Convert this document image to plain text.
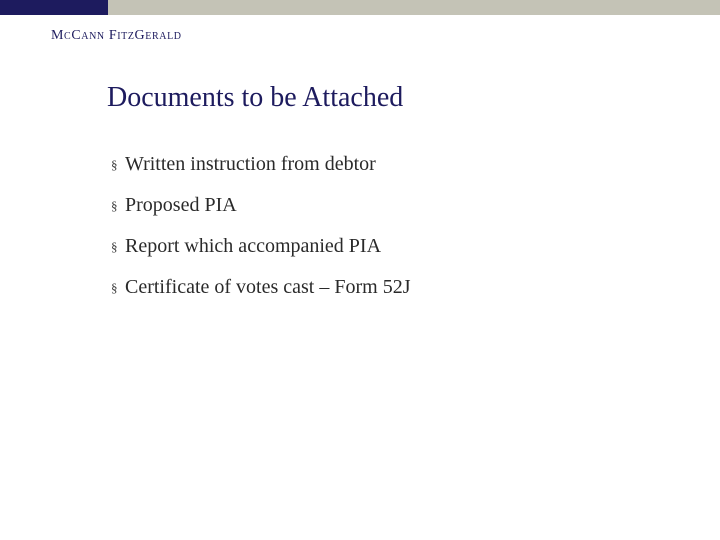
McCann FitzGerald
Documents to be Attached
§ Written instruction from debtor
§ Proposed PIA
§ Report which accompanied PIA
§ Certificate of votes cast – Form 52J
